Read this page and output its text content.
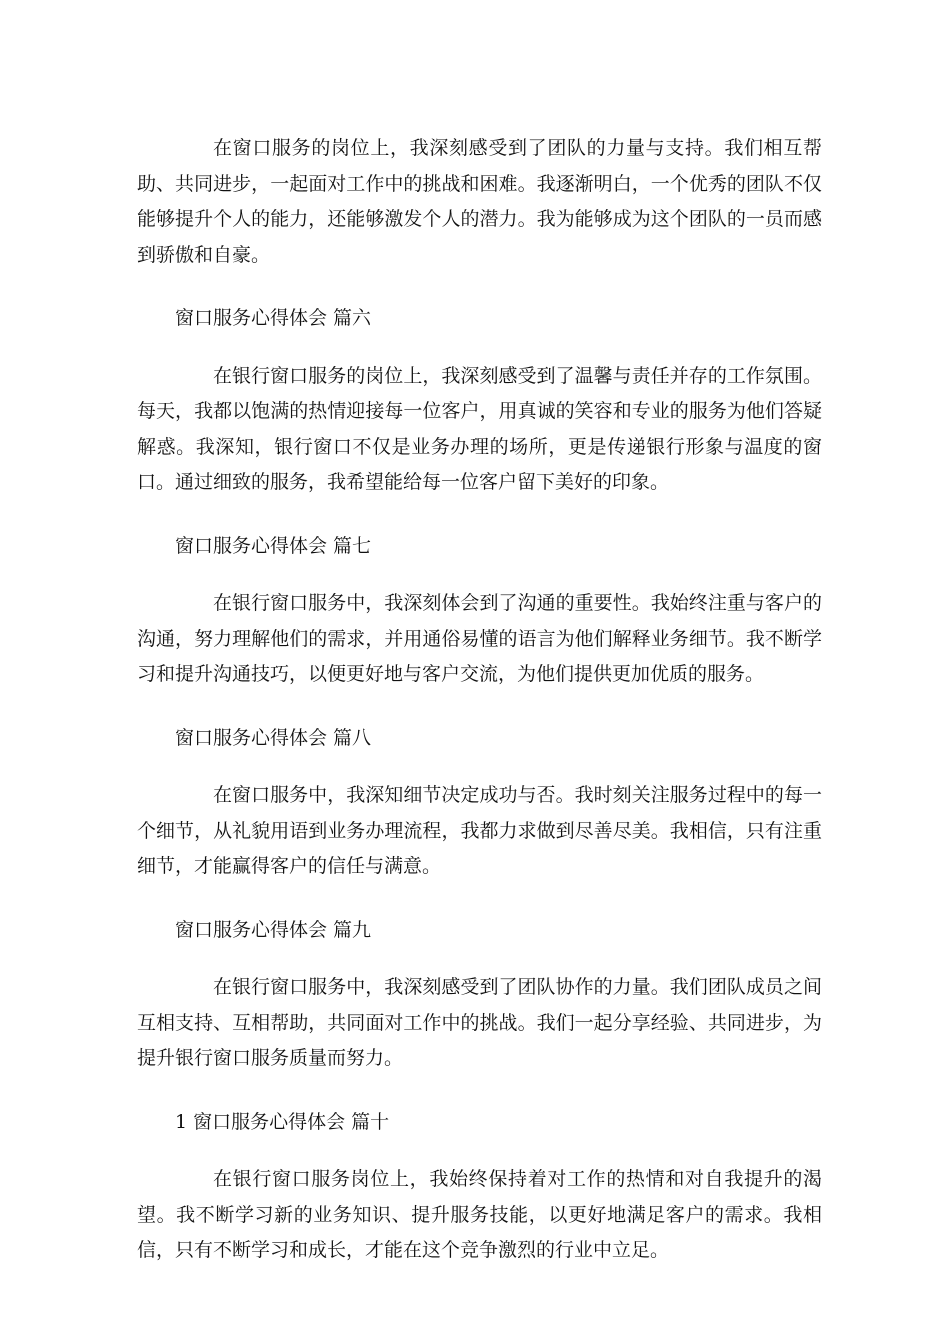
在窗口服务的岗位上，我深刻感受到了团队的力量与支持。我们相互帮助、共同进步，一起面对工作中的挑战和困难。我逐渐明白，一个优秀的团队不仅能够提升个人的能力，还能够激发个人的潜力。我为能够成为这个团队的一员而感到骄傲和自豪。

窗口服务心得体会 篇六

在银行窗口服务的岗位上，我深刻感受到了温馨与责任并存的工作氛围。每天，我都以饱满的热情迎接每一位客户，用真诚的笑容和专业的服务为他们答疑解惑。我深知，银行窗口不仅是业务办理的场所，更是传递银行形象与温度的窗口。通过细致的服务，我希望能给每一位客户留下美好的印象。

窗口服务心得体会 篇七

在银行窗口服务中，我深刻体会到了沟通的重要性。我始终注重与客户的沟通，努力理解他们的需求，并用通俗易懂的语言为他们解释业务细节。我不断学习和提升沟通技巧，以便更好地与客户交流，为他们提供更加优质的服务。

窗口服务心得体会 篇八

在窗口服务中，我深知细节决定成功与否。我时刻关注服务过程中的每一个细节，从礼貌用语到业务办理流程，我都力求做到尽善尽美。我相信，只有注重细节，才能赢得客户的信任与满意。

窗口服务心得体会 篇九

在银行窗口服务中，我深刻感受到了团队协作的力量。我们团队成员之间互相支持、互相帮助，共同面对工作中的挑战。我们一起分享经验、共同进步，为提升银行窗口服务质量而努力。

1 窗口服务心得体会 篇十

在银行窗口服务岗位上，我始终保持着对工作的热情和对自我提升的渴望。我不断学习新的业务知识、提升服务技能，以更好地满足客户的需求。我相信，只有不断学习和成长，才能在这个竞争激烈的行业中立足。
